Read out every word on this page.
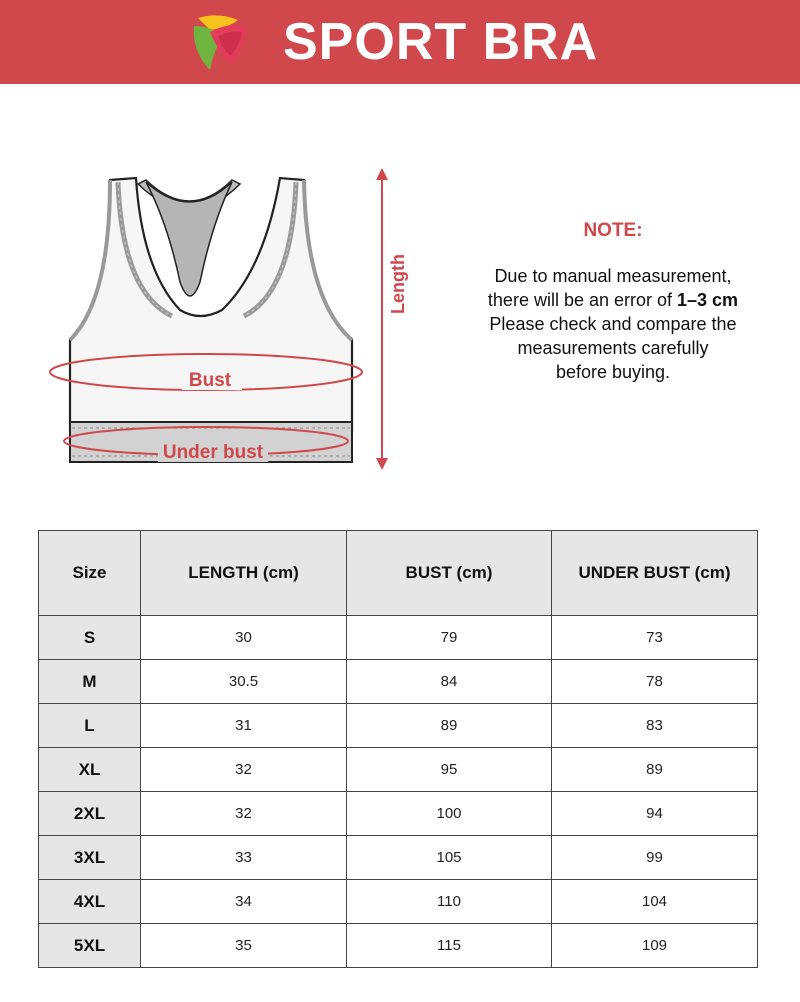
SPORT BRA
Bust
Under bust
Length
NOTE:
Due to manual measurement,
there will be an error of 1–3 cm
Please check and compare the
measurements carefully
before buying.
Size	LENGTH (cm)	BUST (cm)	UNDER BUST (cm)
S	30	79	73
M	30.5	84	78
L	31	89	83
XL	32	95	89
2XL	32	100	94
3XL	33	105	99
4XL	34	110	104
5XL	35	115	109
